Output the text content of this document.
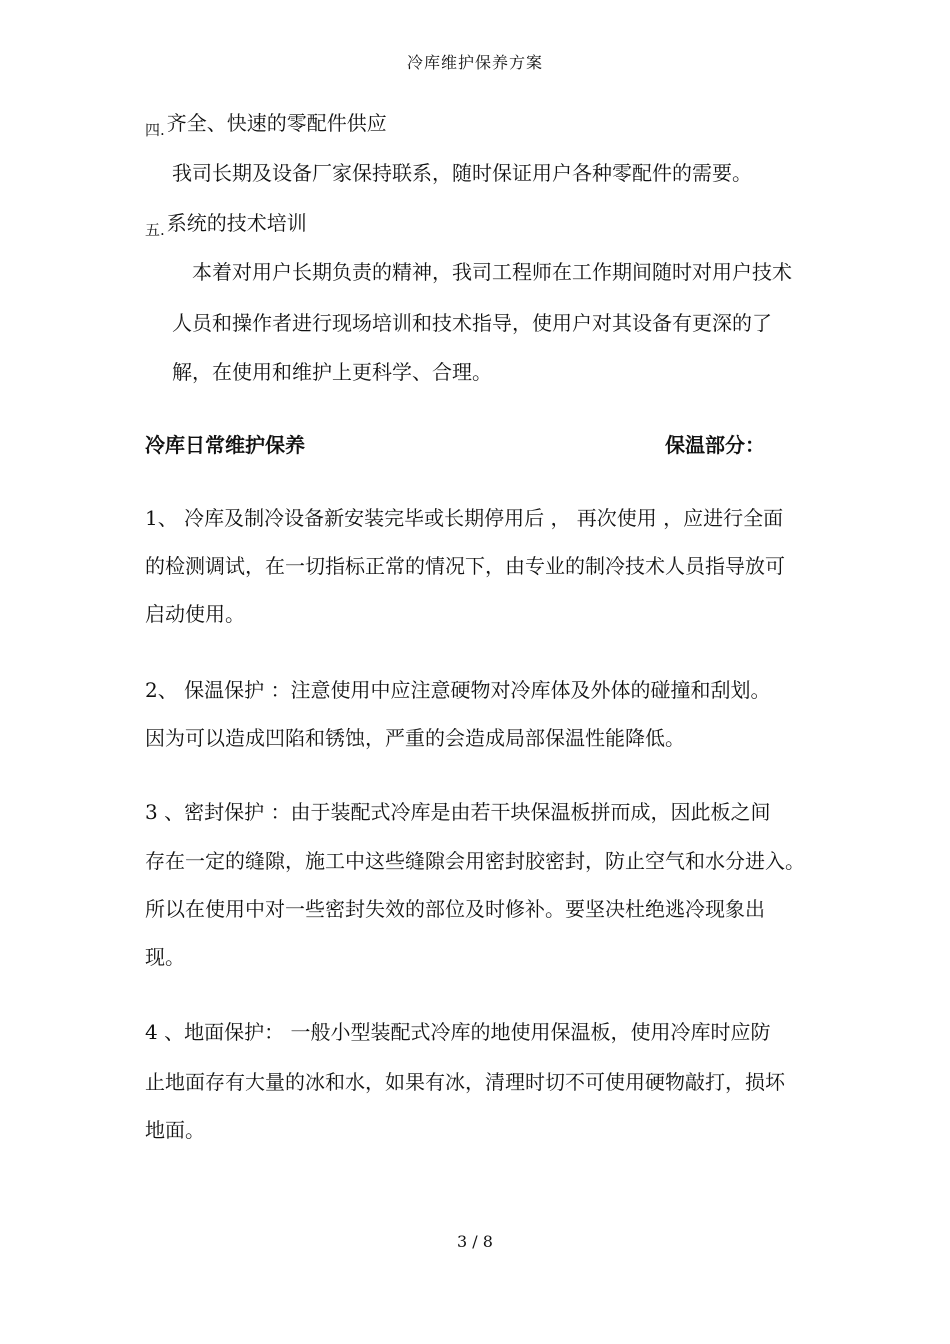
冷库维护保养方案
$_{四.}$ 齐全、快速的零配件供应
我司长期及设备厂家保持联系，随时保证用户各种零配件的需要。
$_{五.}$ 系统的技术培训
本着对用户长期负责的精神，我司工程师在工作期间随时对用户技术
人员和操作者进行现场培训和技术指导，使用户对其设备有更深的了
解，在使用和维护上更科学、合理。
冷库日常维护保养	保温部分：
1、 冷库及制冷设备新安装完毕或长期停用后 ， 再次使用 ，应进行全面
的检测调试，在一切指标正常的情况下，由专业的制冷技术人员指导放可
启动使用。
2、 保温保护 ：注意使用中应注意硬物对冷库体及外体的碰撞和刮划。
因为可以造成凹陷和锈蚀，严重的会造成局部保温性能降低。
3 、密封保护 ：由于装配式冷库是由若干块保温板拼而成，因此板之间
存在一定的缝隙，施工中这些缝隙会用密封胶密封，防止空气和水分进入。
所以在使用中对一些密封失效的部位及时修补。要坚决杜绝逃冷现象出
现。
4 、地面保护： 一般小型装配式冷库的地使用保温板，使用冷库时应防
止地面存有大量的冰和水，如果有冰，清理时切不可使用硬物敲打，损坏
地面。
3 / 8
